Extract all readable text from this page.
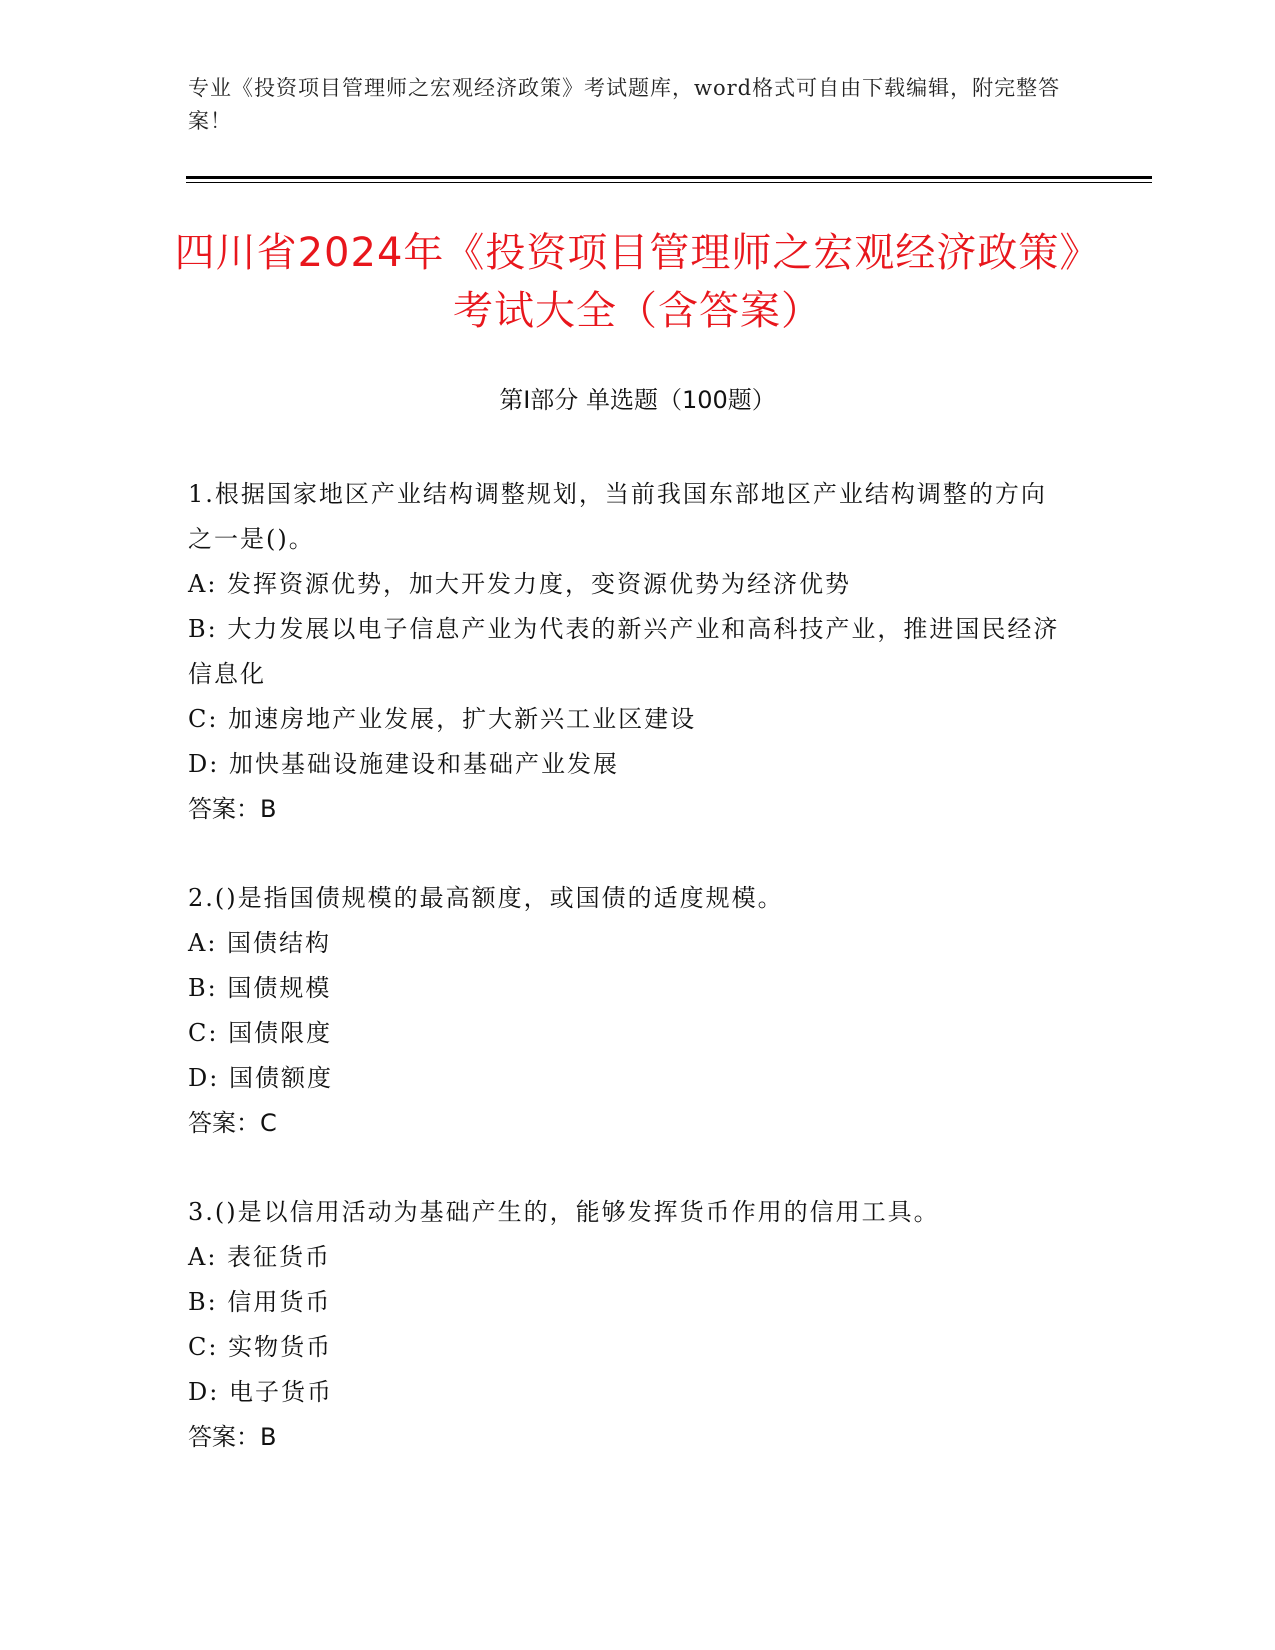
专业《投资项目管理师之宏观经济政策》考试题库，word格式可自由下载编辑，附完整答案！
四川省2024年《投资项目管理师之宏观经济政策》考试大全（含答案）
第I部分 单选题（100题）
1.根据国家地区产业结构调整规划，当前我国东部地区产业结构调整的方向之一是()。
A: 发挥资源优势，加大开发力度，变资源优势为经济优势
B: 大力发展以电子信息产业为代表的新兴产业和高科技产业，推进国民经济信息化
C: 加速房地产业发展，扩大新兴工业区建设
D: 加快基础设施建设和基础产业发展
答案：B
2.()是指国债规模的最高额度，或国债的适度规模。
A: 国债结构
B: 国债规模
C: 国债限度
D: 国债额度
答案：C
3.()是以信用活动为基础产生的，能够发挥货币作用的信用工具。
A: 表征货币
B: 信用货币
C: 实物货币
D: 电子货币
答案：B
